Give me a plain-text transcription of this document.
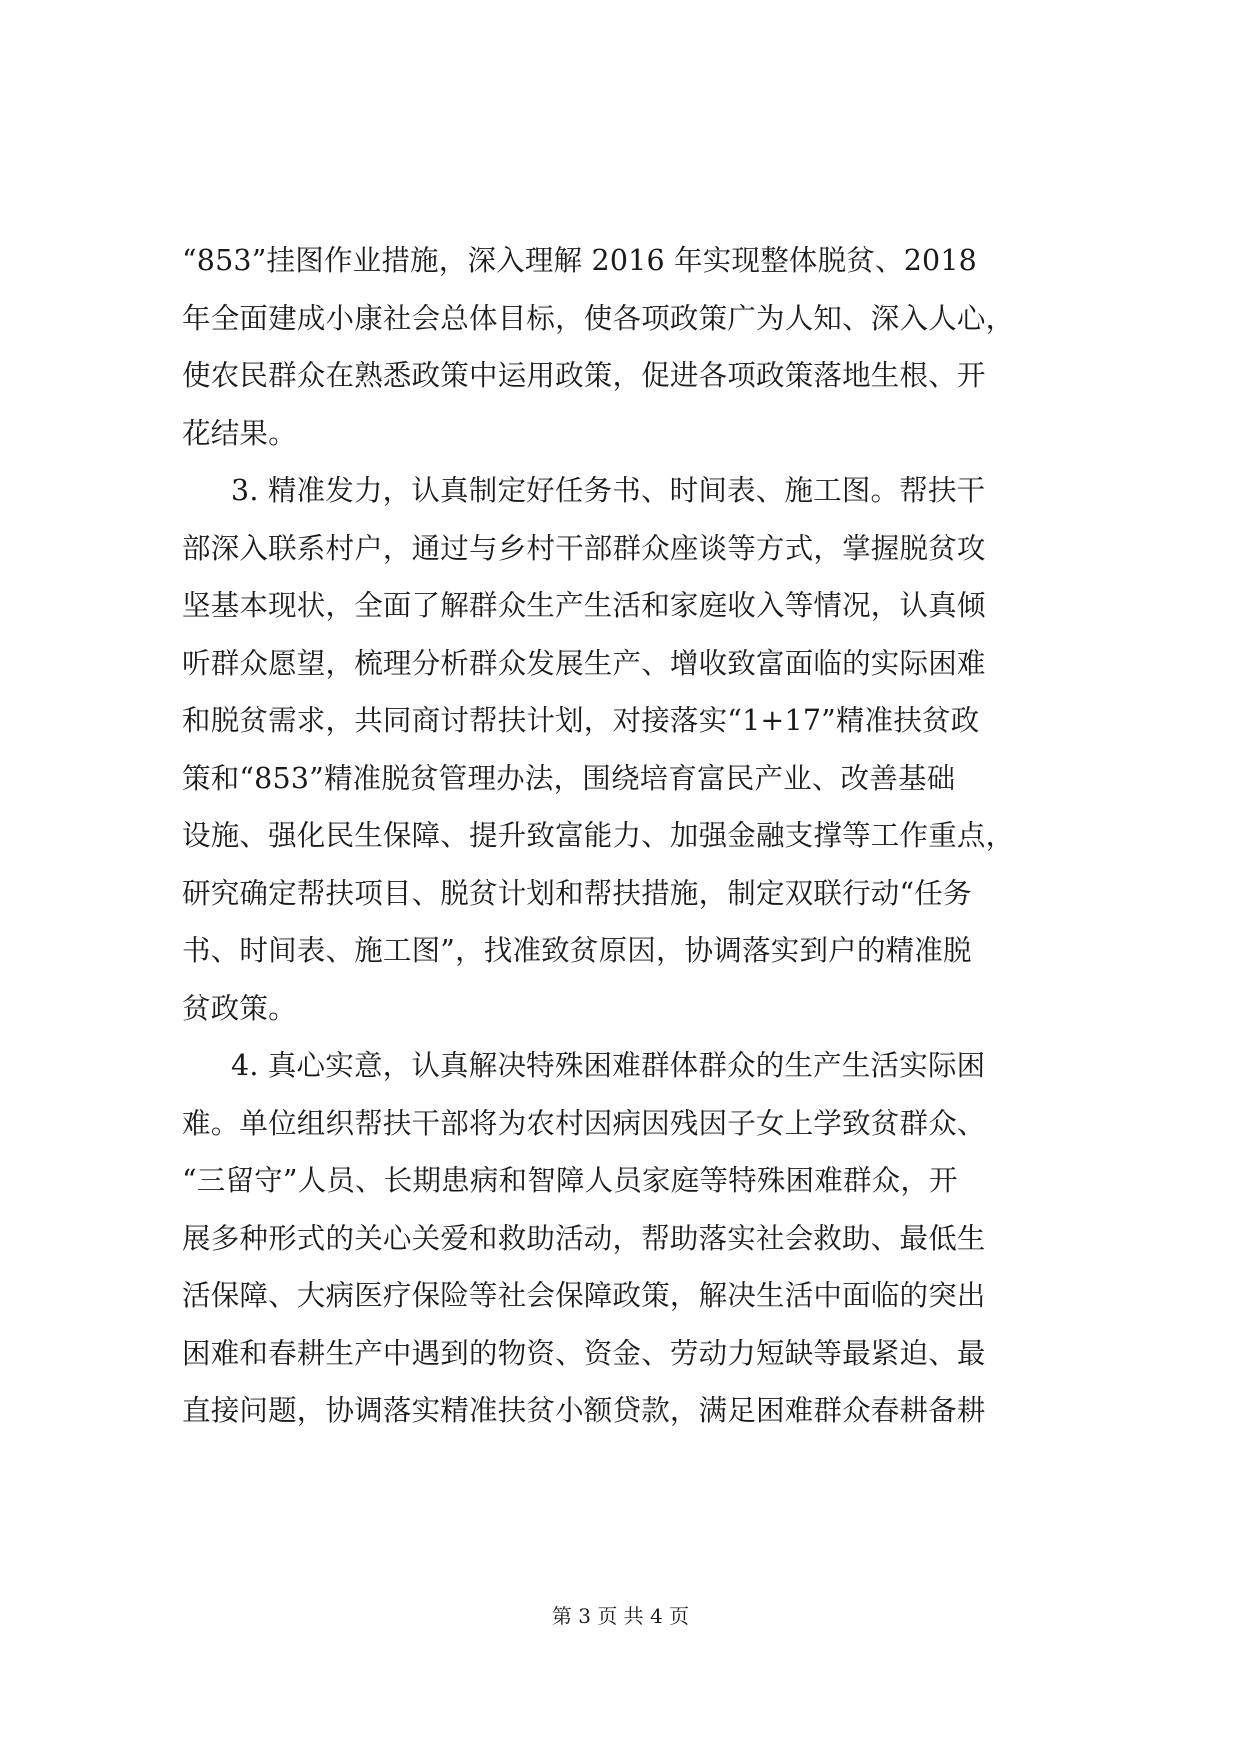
“853”挂图作业措施，深入理解 2016 年实现整体脱贫、2018
年全面建成小康社会总体目标，使各项政策广为人知、深入人心，
使农民群众在熟悉政策中运用政策，促进各项政策落地生根、开
花结果。
3. 精准发力，认真制定好任务书、时间表、施工图。帮扶干
部深入联系村户，通过与乡村干部群众座谈等方式，掌握脱贫攻
坚基本现状，全面了解群众生产生活和家庭收入等情况，认真倾
听群众愿望，梳理分析群众发展生产、增收致富面临的实际困难
和脱贫需求，共同商讨帮扶计划，对接落实“1+17”精准扶贫政
策和“853”精准脱贫管理办法，围绕培育富民产业、改善基础
设施、强化民生保障、提升致富能力、加强金融支撑等工作重点，
研究确定帮扶项目、脱贫计划和帮扶措施，制定双联行动“任务
书、时间表、施工图”，找准致贫原因，协调落实到户的精准脱
贫政策。
4. 真心实意，认真解决特殊困难群体群众的生产生活实际困
难。单位组织帮扶干部将为农村因病因残因子女上学致贫群众、
“三留守”人员、长期患病和智障人员家庭等特殊困难群众，开
展多种形式的关心关爱和救助活动，帮助落实社会救助、最低生
活保障、大病医疗保险等社会保障政策，解决生活中面临的突出
困难和春耕生产中遇到的物资、资金、劳动力短缺等最紧迫、最
直接问题，协调落实精准扶贫小额贷款，满足困难群众春耕备耕
第 3 页 共 4 页
